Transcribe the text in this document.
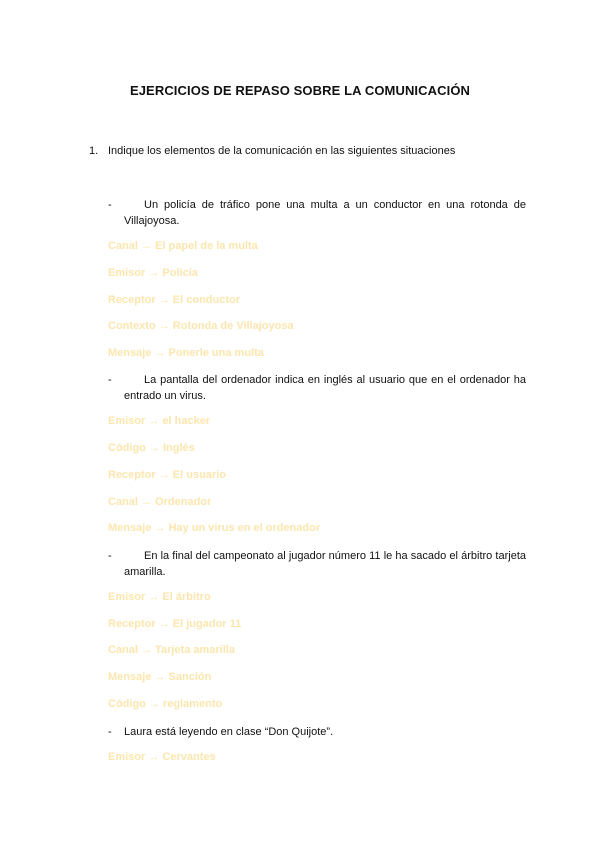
EJERCICIOS DE REPASO SOBRE LA COMUNICACIÓN
1. Indique los elementos de la comunicación en las siguientes situaciones
-	Un policía de tráfico pone una multa a un conductor en una rotonda de Villajoyosa.
Canal → El papel de la multa
Emisor → Policía
Receptor → El conductor
Contexto → Rotonda de Villajoyosa
Mensaje → Ponerle una multa
-	La pantalla del ordenador indica en inglés al usuario que en el ordenador ha entrado un virus.
Emisor → el hacker
Código → Inglés
Receptor → El usuario
Canal → Ordenador
Mensaje → Hay un virus en el ordenador
-	En la final del campeonato al jugador número 11 le ha sacado el árbitro tarjeta amarilla.
Emisor → El árbitro
Receptor → El jugador 11
Canal → Tarjeta amarilla
Mensaje → Sanción
Código → reglamento
- Laura está leyendo en clase “Don Quijote”.
Emisor → Cervantes
